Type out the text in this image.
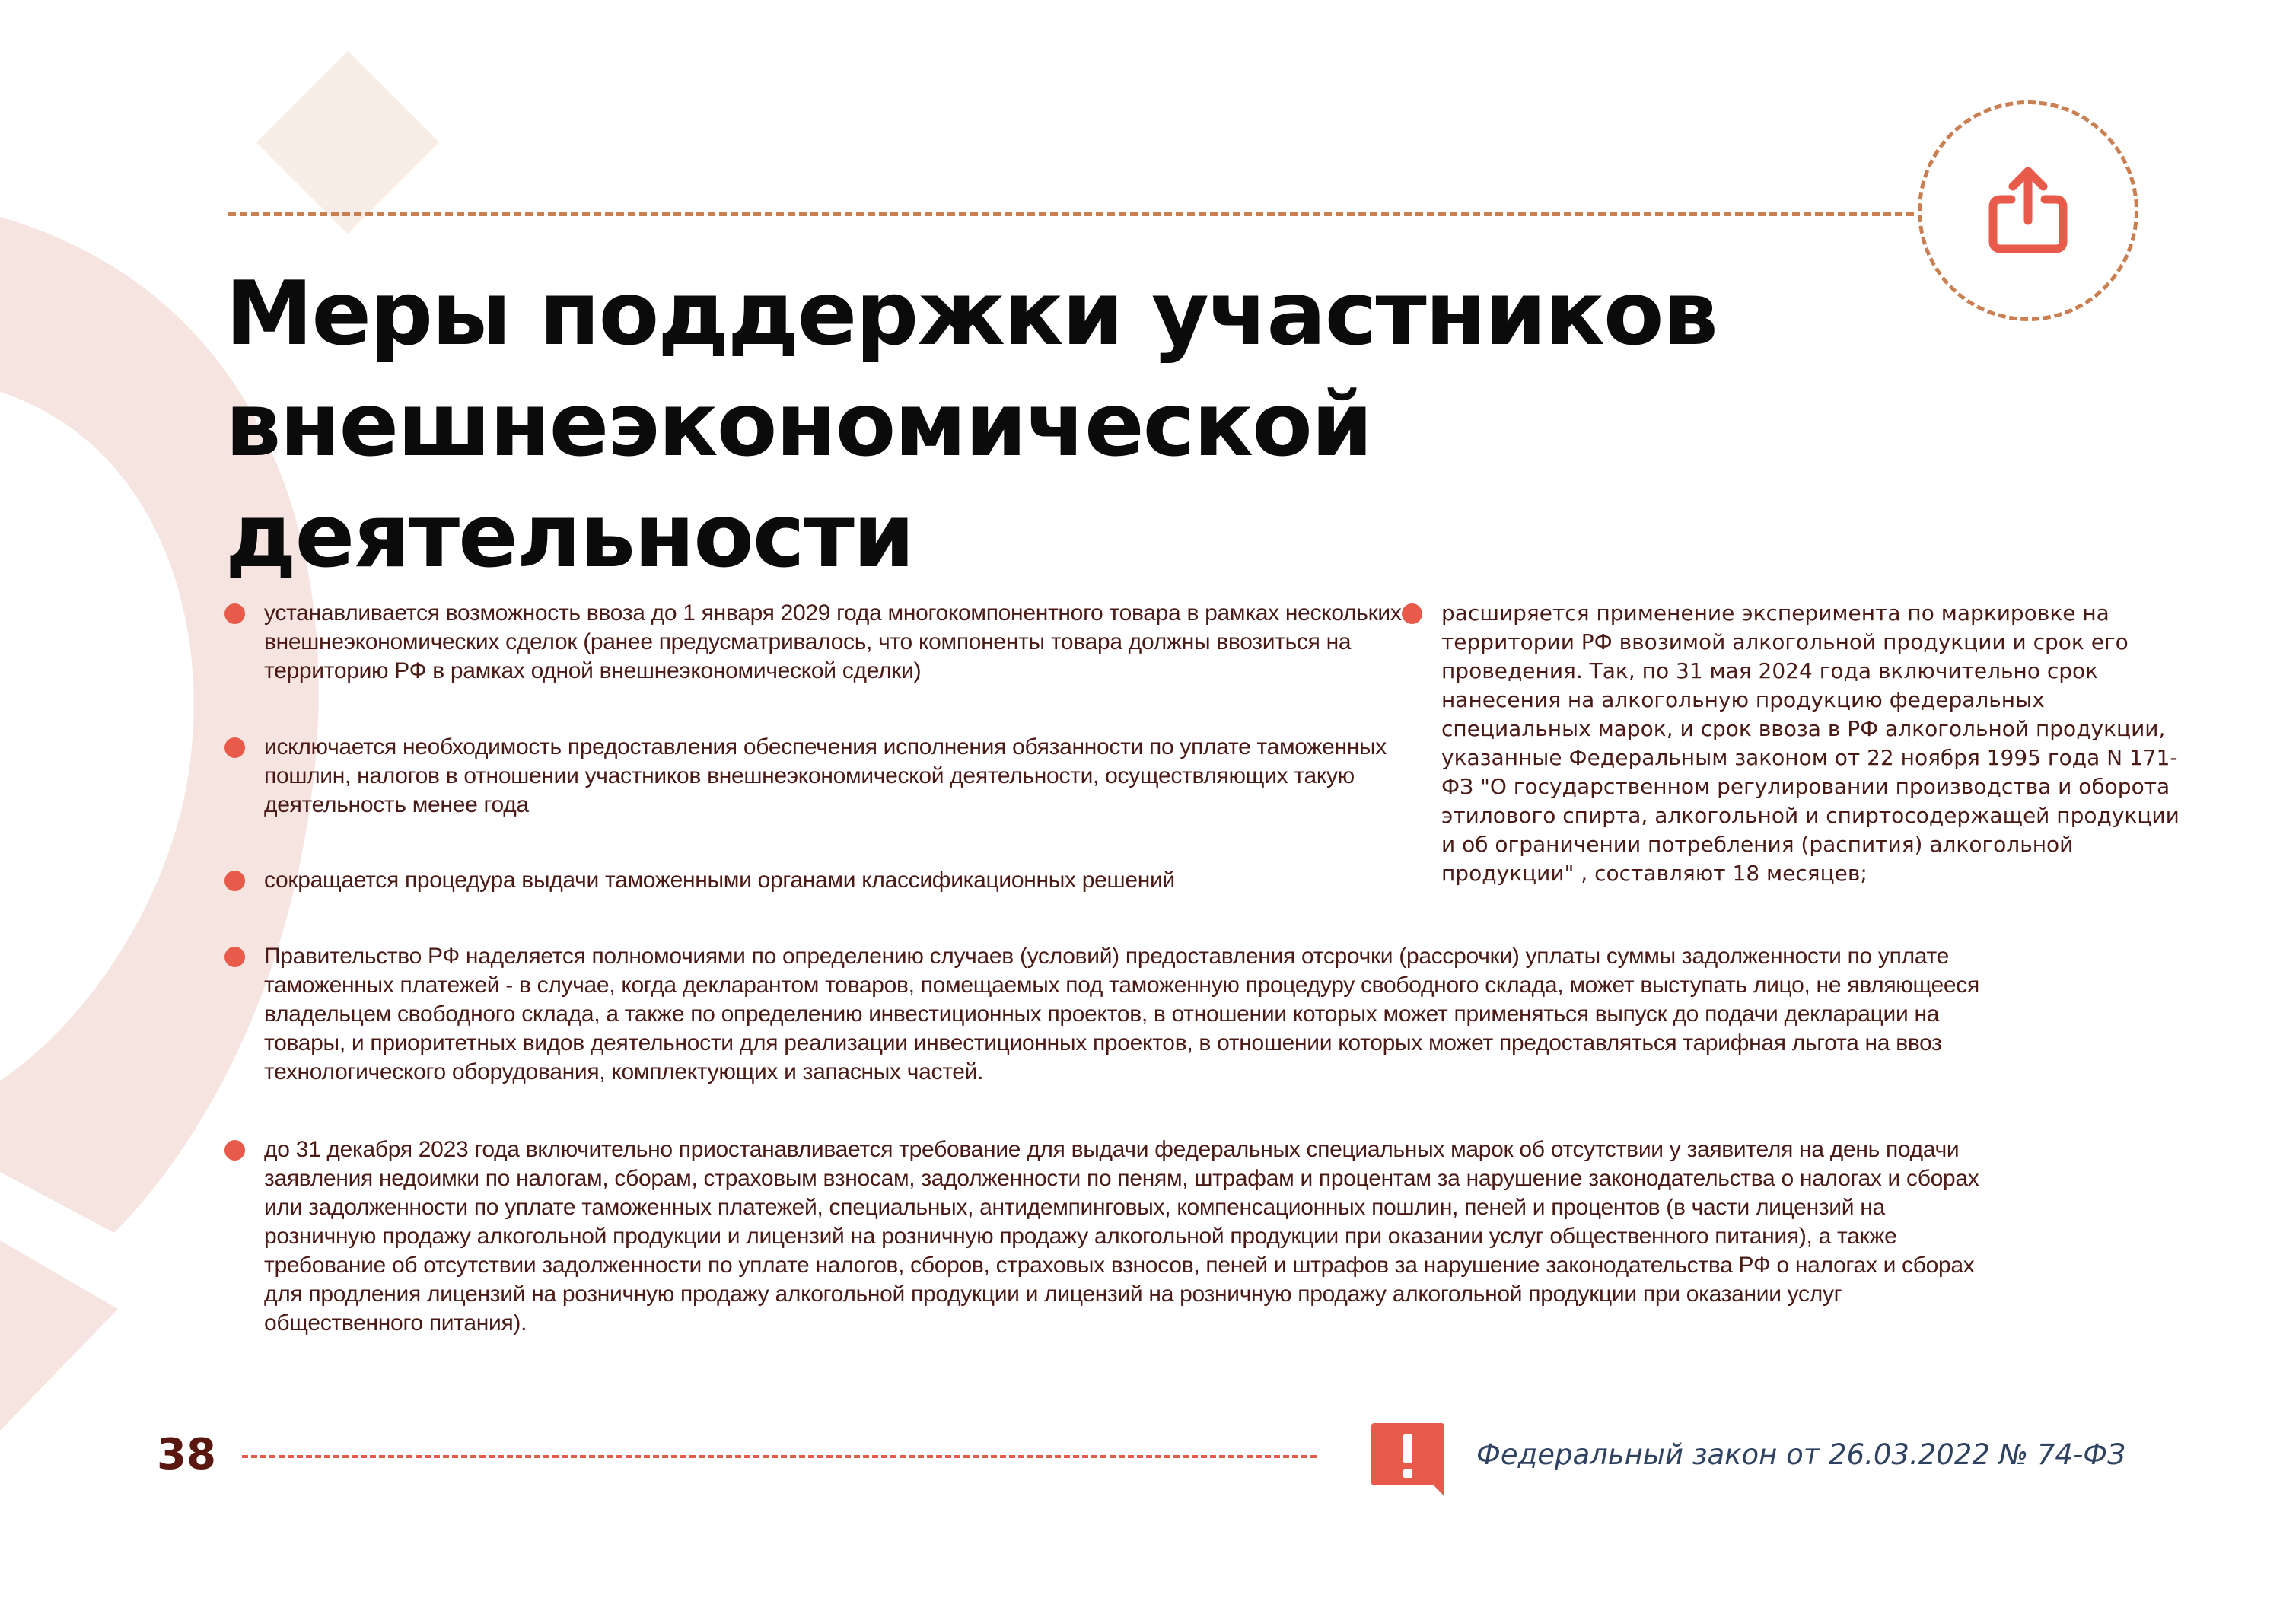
Меры поддержки участников
внешнеэкономической деятельности
устанавливается возможность ввоза до 1 января 2029 года многокомпонентного товара в рамках нескольких внешнеэкономических сделок (ранее предусматривалось, что компоненты товара должны ввозиться на территорию РФ в рамках одной внешнеэкономической сделки)
исключается необходимость предоставления обеспечения исполнения обязанности по уплате таможенных пошлин, налогов в отношении участников внешнеэкономической деятельности, осуществляющих такую деятельность менее года
сокращается процедура выдачи таможенными органами классификационных решений
расширяется применение эксперимента по маркировке на территории РФ ввозимой алкогольной продукции и срок его проведения. Так, по 31 мая 2024 года включительно срок нанесения на алкогольную продукцию федеральных специальных марок, и срок ввоза в РФ алкогольной продукции, указанные Федеральным законом от 22 ноября 1995 года N 171-ФЗ "О государственном регулировании производства и оборота этилового спирта, алкогольной и спиртосодержащей продукции и об ограничении потребления (распития) алкогольной продукции" , составляют 18 месяцев;
Правительство РФ наделяется полномочиями по определению случаев (условий) предоставления отсрочки (рассрочки) уплаты суммы задолженности по уплате таможенных платежей - в случае, когда декларантом товаров, помещаемых под таможенную процедуру свободного склада, может выступать лицо, не являющееся владельцем свободного склада, а также по определению инвестиционных проектов, в отношении которых может применяться выпуск до подачи декларации на товары, и приоритетных видов деятельности для реализации инвестиционных проектов, в отношении которых может предоставляться тарифная льгота на ввоз технологического оборудования, комплектующих и запасных частей.
до 31 декабря 2023 года включительно приостанавливается требование для выдачи федеральных специальных марок об отсутствии у заявителя на день подачи заявления недоимки по налогам, сборам, страховым взносам, задолженности по пеням, штрафам и процентам за нарушение законодательства о налогах и сборах или задолженности по уплате таможенных платежей, специальных, антидемпинговых, компенсационных пошлин, пеней и процентов (в части лицензий на розничную продажу алкогольной продукции и лицензий на розничную продажу алкогольной продукции при оказании услуг общественного питания), а также требование об отсутствии задолженности по уплате налогов, сборов, страховых взносов, пеней и штрафов за нарушение законодательства РФ о налогах и сборах для продления лицензий на розничную продажу алкогольной продукции и лицензий на розничную продажу алкогольной продукции при оказании услуг общественного питания).
38	Федеральный закон от 26.03.2022 № 74-ФЗ
